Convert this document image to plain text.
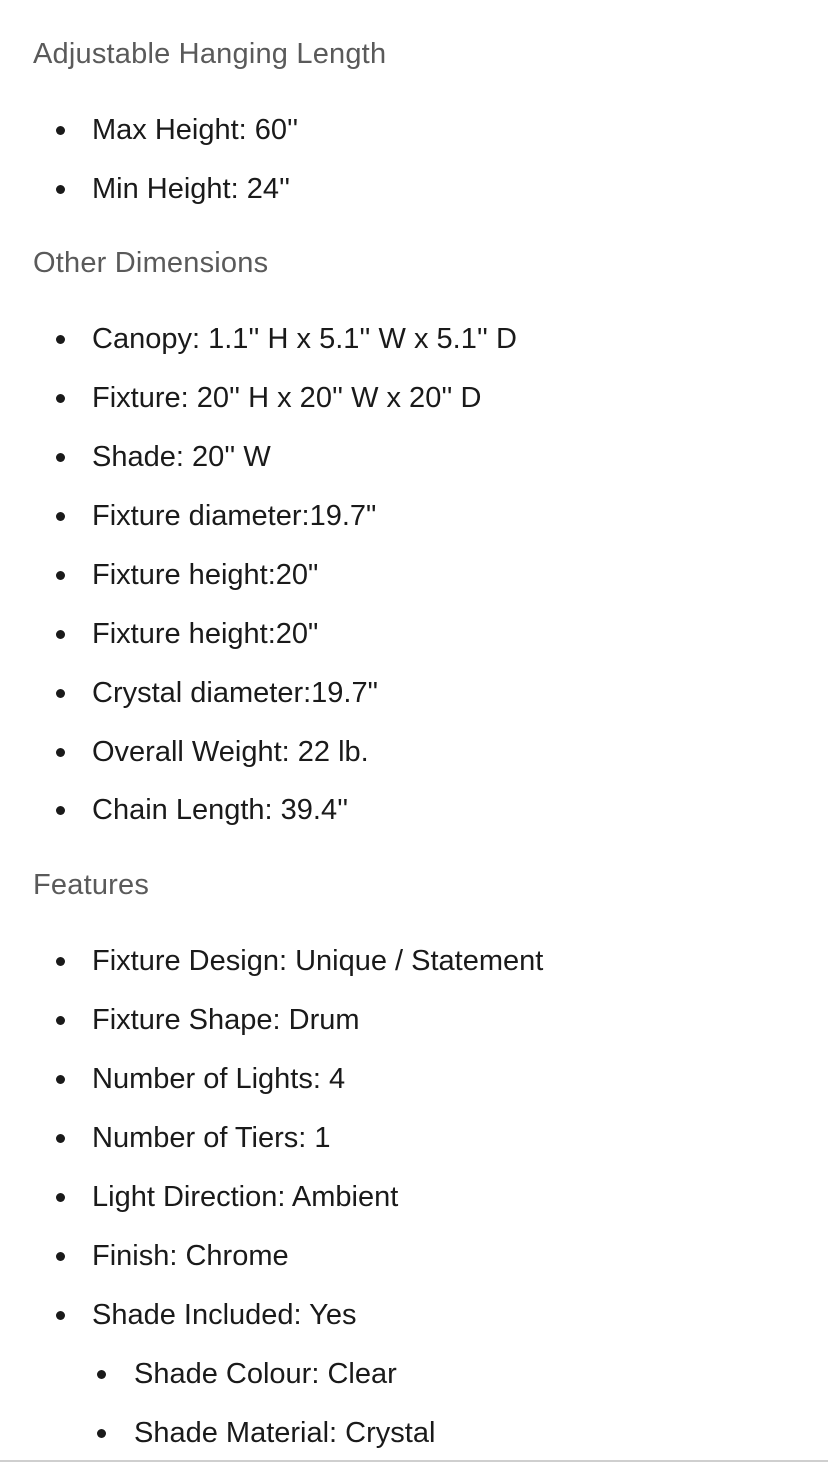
Adjustable Hanging Length
Max Height: 60''
Min Height: 24''
Other Dimensions
Canopy: 1.1'' H x 5.1'' W x 5.1'' D
Fixture: 20'' H x 20'' W x 20'' D
Shade: 20'' W
Fixture diameter:19.7"
Fixture height:20"
Fixture height:20"
Crystal diameter:19.7"
Overall Weight: 22 lb.
Chain Length: 39.4''
Features
Fixture Design: Unique / Statement
Fixture Shape: Drum
Number of Lights: 4
Number of Tiers: 1
Light Direction: Ambient
Finish: Chrome
Shade Included: Yes
Shade Colour: Clear
Shade Material: Crystal
